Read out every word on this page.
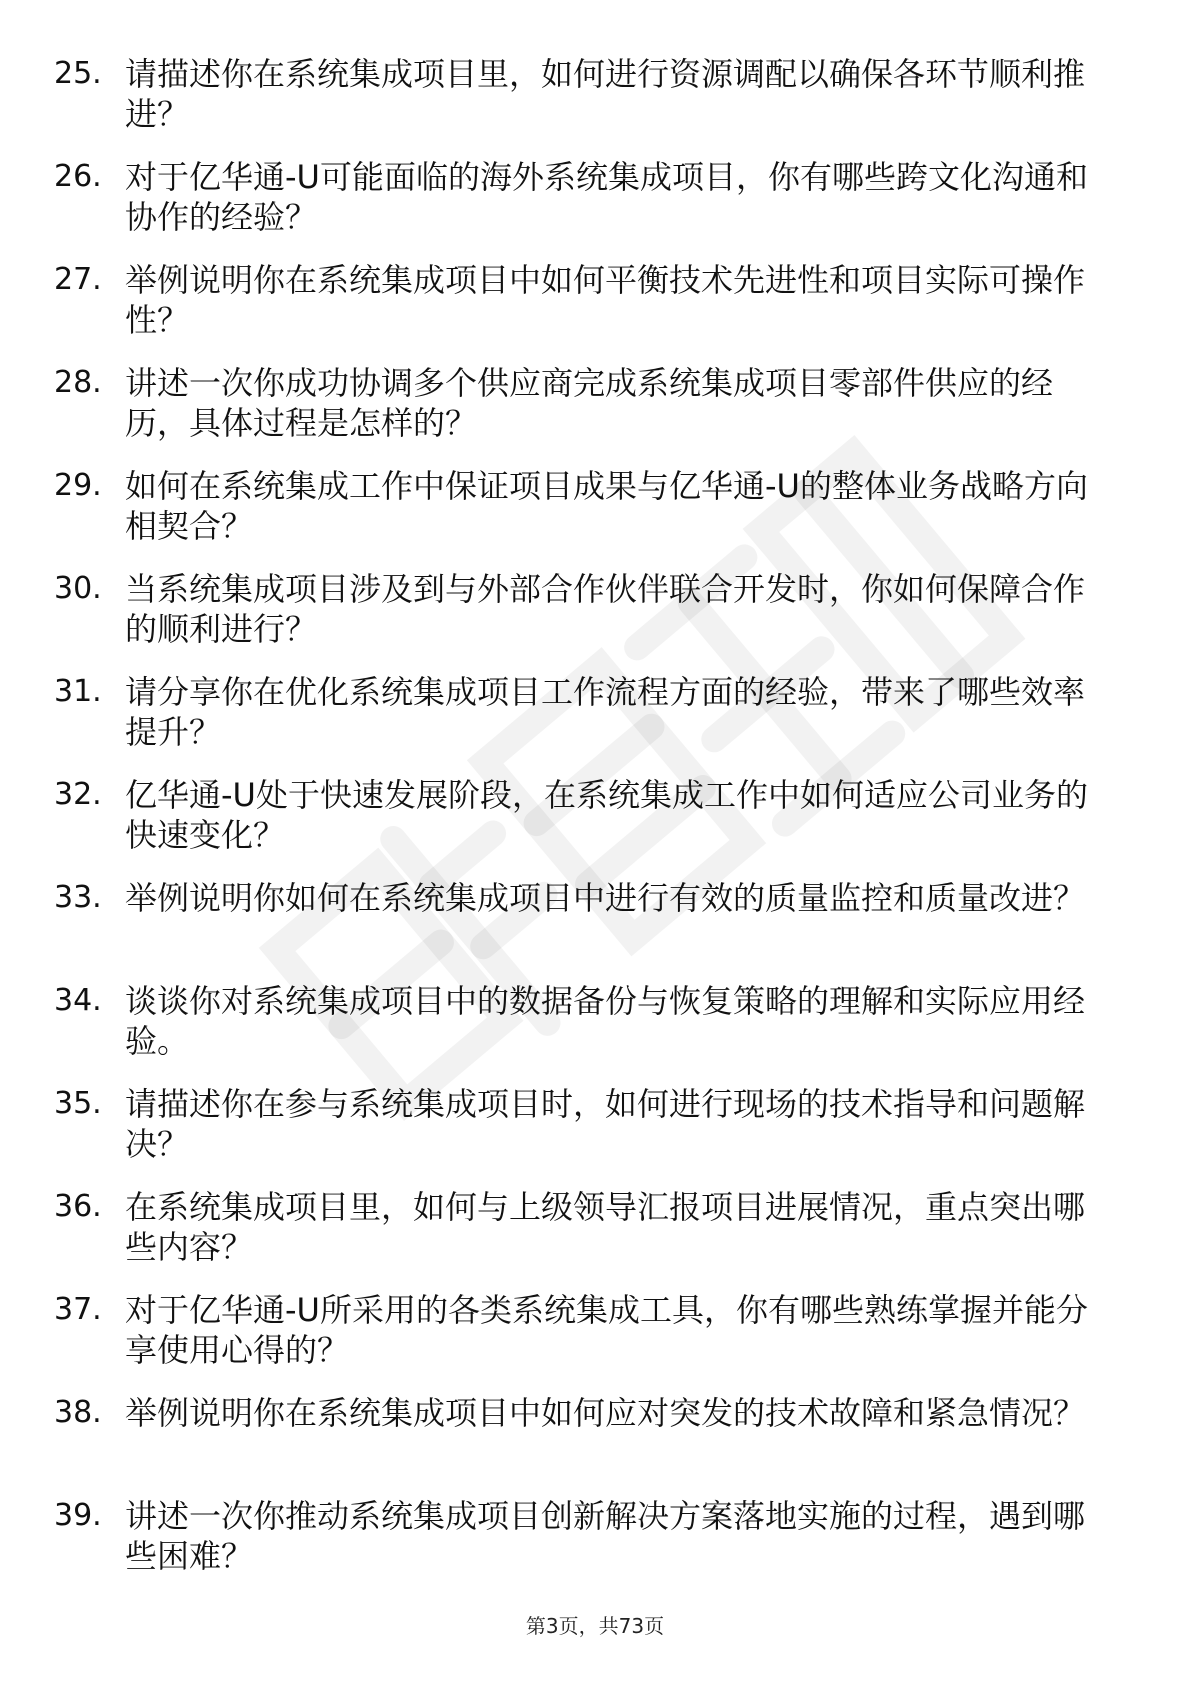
25. 请描述你在系统集成项目里，如何进行资源调配以确保各环节顺利推进？
26. 对于亿华通-U可能面临的海外系统集成项目，你有哪些跨文化沟通和协作的经验？
27. 举例说明你在系统集成项目中如何平衡技术先进性和项目实际可操作性？
28. 讲述一次你成功协调多个供应商完成系统集成项目零部件供应的经历，具体过程是怎样的？
29. 如何在系统集成工作中保证项目成果与亿华通-U的整体业务战略方向相契合？
30. 当系统集成项目涉及到与外部合作伙伴联合开发时，你如何保障合作的顺利进行？
31. 请分享你在优化系统集成项目工作流程方面的经验，带来了哪些效率提升？
32. 亿华通-U处于快速发展阶段，在系统集成工作中如何适应公司业务的快速变化？
33. 举例说明你如何在系统集成项目中进行有效的质量监控和质量改进？
34. 谈谈你对系统集成项目中的数据备份与恢复策略的理解和实际应用经验。
35. 请描述你在参与系统集成项目时，如何进行现场的技术指导和问题解决？
36. 在系统集成项目里，如何与上级领导汇报项目进展情况，重点突出哪些内容？
37. 对于亿华通-U所采用的各类系统集成工具，你有哪些熟练掌握并能分享使用心得的？
38. 举例说明你在系统集成项目中如何应对突发的技术故障和紧急情况？
39. 讲述一次你推动系统集成项目创新解决方案落地实施的过程，遇到哪些困难？
第3页，共73页
